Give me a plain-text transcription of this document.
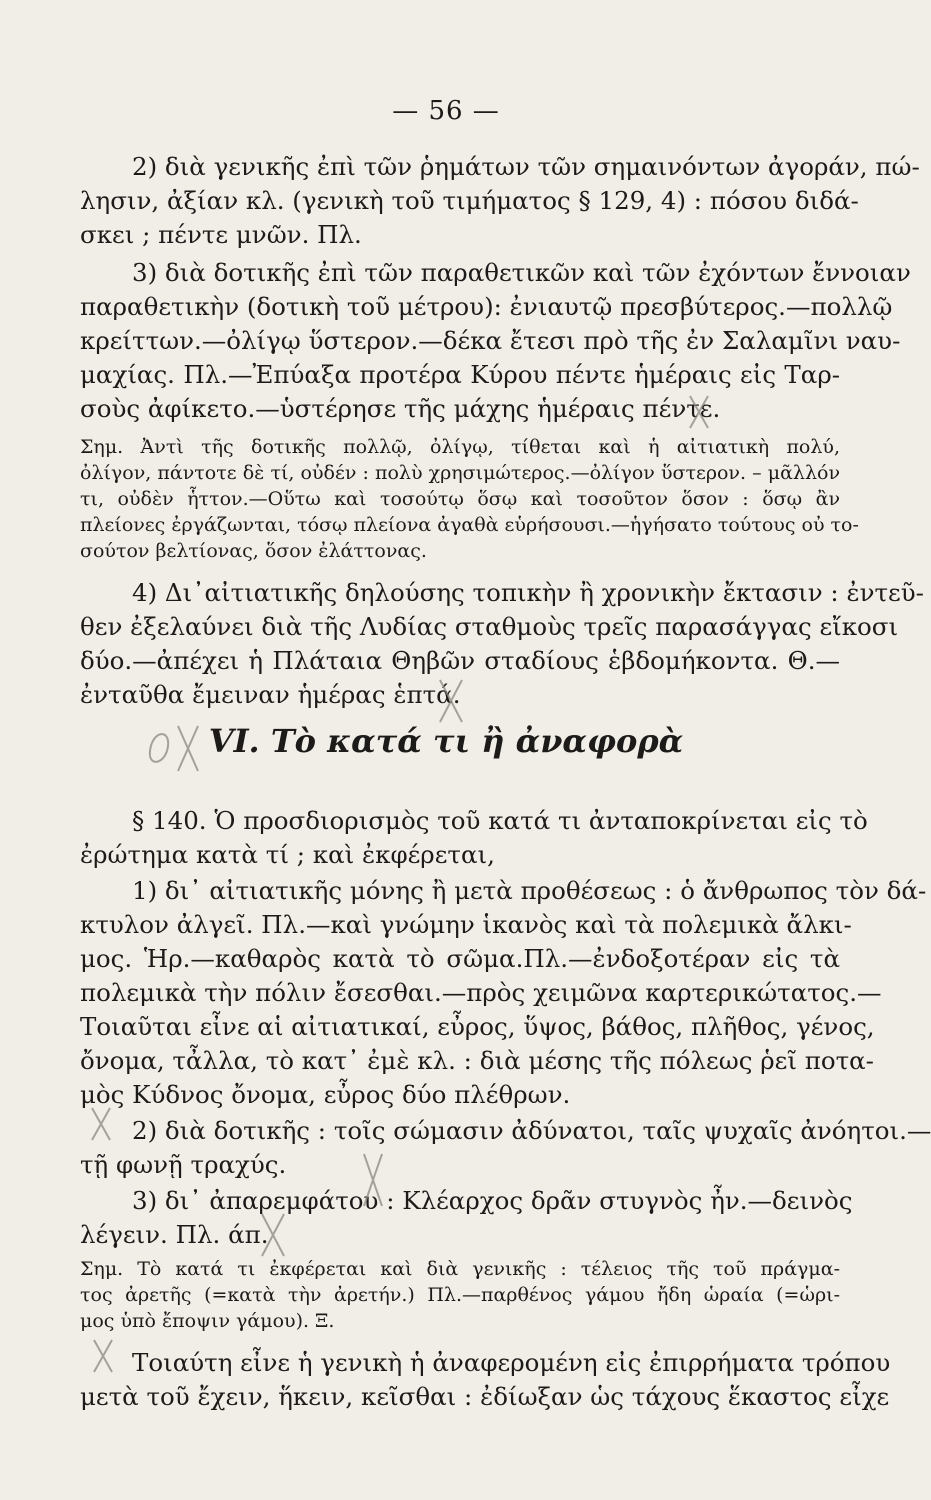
— 56 —
2) διὰ γενικῆς ἐπὶ τῶν ῥημάτων τῶν σημαινόντων ἀγοράν, πώ-
λησιν, ἀξίαν κλ. (γενικὴ τοῦ τιμήματος § 129, 4) : πόσου διδά-
σκει ; πέντε μνῶν. Πλ.
3) διὰ δοτικῆς ἐπὶ τῶν παραθετικῶν καὶ τῶν ἐχόντων ἔννοιαν
παραθετικὴν (δοτικὴ τοῦ μέτρου): ἐνιαυτῷ πρεσβύτερος.—πολλῷ
κρείττων.—ὀλίγῳ ὕστερον.—δέκα ἔτεσι πρὸ τῆς ἐν Σαλαμῖνι ναυ-
μαχίας. Πλ.—Ἐπύαξα προτέρα Κύρου πέντε ἡμέραις εἰς Ταρ-
σοὺς ἀφίκετο.—ὑστέρησε τῆς μάχης ἡμέραις πέντε.
Σημ. Ἀντὶ τῆς δοτικῆς πολλῷ, ὀλίγῳ, τίθεται καὶ ἡ αἰτιατικὴ πολύ,
ὀλίγον, πάντοτε δὲ τί, οὐδέν : πολὺ χρησιμώτερος.—ὀλίγον ὕστερον. – μᾶλλόν
τι, οὐδὲν ἧττον.—Οὕτω καὶ τοσούτῳ ὅσῳ καὶ τοσοῦτον ὅσον : ὅσῳ ἂν
πλείονες ἐργάζωνται, τόσῳ πλείονα ἀγαθὰ εὑρήσουσι.—ἡγήσατο τούτους οὐ το-
σούτον βελτίονας, ὅσον ἐλάττονας.
4) Δι᾽αἰτιατικῆς δηλούσης τοπικὴν ἢ χρονικὴν ἔκτασιν : ἐντεῦ-
θεν ἐξελαύνει διὰ τῆς Λυδίας σταθμοὺς τρεῖς παρασάγγας εἴκοσι
δύο.—ἀπέχει ἡ Πλάταια Θηβῶν σταδίους ἑβδομήκοντα. Θ.—
ἐνταῦθα ἔμειναν ἡμέρας ἑπτά.
VI. Τὸ κατά τι ἢ ἀναφορὰ
§ 140. Ὁ προσδιορισμὸς τοῦ κατά τι ἀνταποκρίνεται εἰς τὸ
ἐρώτημα κατὰ τί ; καὶ ἐκφέρεται,
1) δι᾽ αἰτιατικῆς μόνης ἢ μετὰ προθέσεως : ὁ ἄνθρωπος τὸν δά-
κτυλον ἀλγεῖ. Πλ.—καὶ γνώμην ἱκανὸς καὶ τὰ πολεμικὰ ἄλκι-
μος. Ἡρ.—καθαρὸς κατὰ τὸ σῶμα.Πλ.—ἐνδοξοτέραν εἰς τὰ
πολεμικὰ τὴν πόλιν ἔσεσθαι.—πρὸς χειμῶνα καρτερικώτατος.—
Τοιαῦται εἶνε αἱ αἰτιατικαί, εὖρος, ὕψος, βάθος, πλῆθος, γένος,
ὄνομα, τἆλλα, τὸ κατ᾽ ἐμὲ κλ. : διὰ μέσης τῆς πόλεως ῥεῖ ποτα-
μὸς Κύδνος ὄνομα, εὖρος δύο πλέθρων.
2) διὰ δοτικῆς : τοῖς σώμασιν ἀδύνατοι, ταῖς ψυχαῖς ἀνόητοι.—
τῇ φωνῇ τραχύς.
3) δι᾽ ἀπαρεμφάτου : Κλέαρχος δρᾶν στυγνὸς ἦν.—δεινὸς
λέγειν. Πλ. άπ.
Σημ. Τὸ κατά τι ἐκφέρεται καὶ διὰ γενικῆς : τέλειος τῆς τοῦ πράγμα-
τος ἀρετῆς (=κατὰ τὴν ἀρετήν.) Πλ.—παρθένος γάμου ἤδη ὡραία (=ὡρι-
μος ὑπὸ ἔποψιν γάμου). Ξ.
Τοιαύτη εἶνε ἡ γενικὴ ἡ ἀναφερομένη εἰς ἐπιρρήματα τρόπου
μετὰ τοῦ ἔχειν, ἥκειν, κεῖσθαι : ἐδίωξαν ὡς τάχους ἕκαστος εἶχε
